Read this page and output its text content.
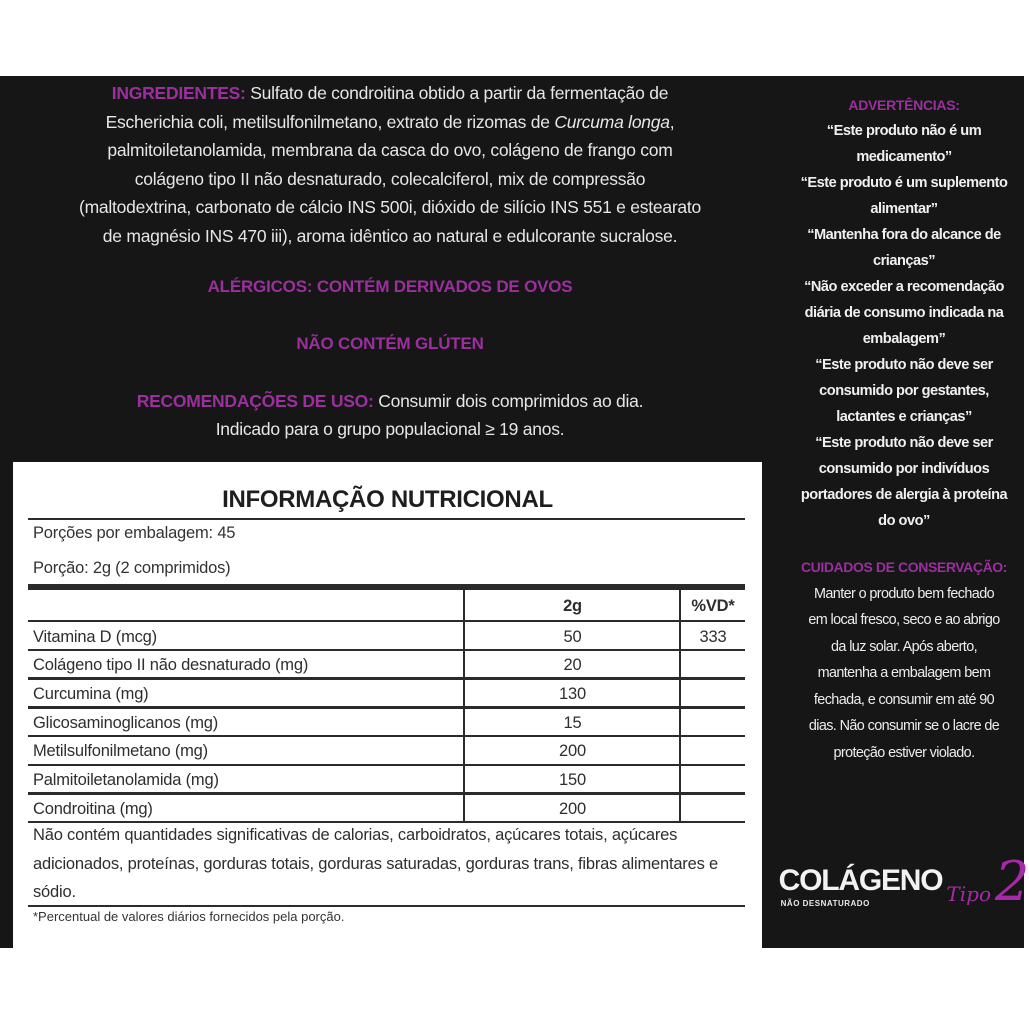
INGREDIENTES: Sulfato de condroitina obtido a partir da fermentação de
Escherichia coli, metilsulfonilmetano, extrato de rizomas de Curcuma longa,
palmitoiletanolamida, membrana da casca do ovo, colágeno de frango com
colágeno tipo II não desnaturado, colecalciferol, mix de compressão
(maltodextrina, carbonato de cálcio INS 500i, dióxido de silício INS 551 e estearato
de magnésio INS 470 iii), aroma idêntico ao natural e edulcorante sucralose.
ALÉRGICOS: CONTÉM DERIVADOS DE OVOS
NÃO CONTÉM GLÚTEN
RECOMENDAÇÕES DE USO: Consumir dois comprimidos ao dia.
Indicado para o grupo populacional ≥ 19 anos.
ADVERTÊNCIAS:
“Este produto não é um
medicamento”
“Este produto é um suplemento
alimentar”
“Mantenha fora do alcance de
crianças”
“Não exceder a recomendação
diária de consumo indicada na
embalagem”
“Este produto não deve ser
consumido por gestantes,
lactantes e crianças”
“Este produto não deve ser
consumido por indivíduos
portadores de alergia à proteína
do ovo”
CUIDADOS DE CONSERVAÇÃO:
Manter o produto bem fechado
em local fresco, seco e ao abrigo
da luz solar. Após aberto,
mantenha a embalagem bem
fechada, e consumir em até 90
dias. Não consumir se o lacre de
proteção estiver violado.
COLÁGENO
NÃO DESNATURADO	Tipo 2
INFORMAÇÃO NUTRICIONAL
Porções por embalagem: 45
Porção: 2g (2 comprimidos)
2g	%VD*
Não contém quantidades significativas de calorias, carboidratos, açúcares totais, açúcares adicionados, proteínas, gorduras totais, gorduras saturadas, gorduras trans, fibras alimentares e sódio.
*Percentual de valores diários fornecidos pela porção.
Vitamina D (mcg)	50	333
Colágeno tipo II não desnaturado (mg)	20
Curcumina (mg)	130
Glicosaminoglicanos (mg)	15
Metilsulfonilmetano (mg)	200
Palmitoiletanolamida (mg)	150
Condroitina (mg)	200
